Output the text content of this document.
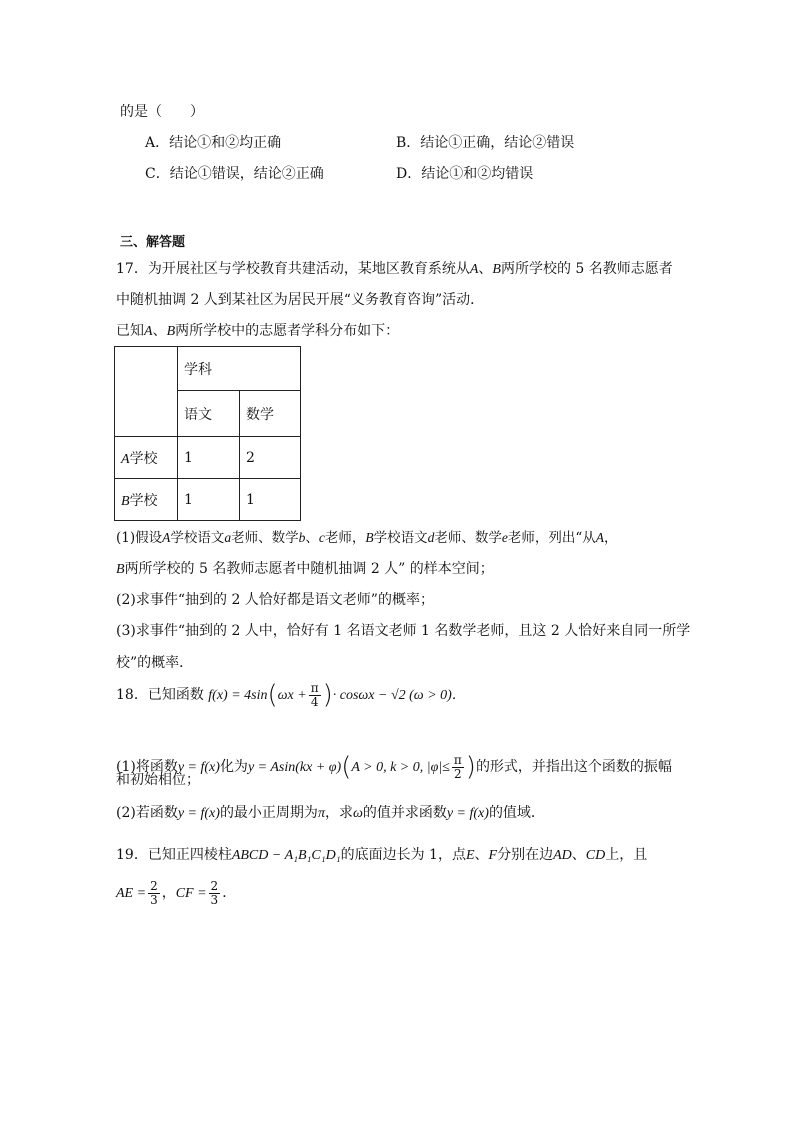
的是（　　）
A．结论①和②均正确	B．结论①正确，结论②错误
C．结论①错误，结论②正确	D．结论①和②均错误
三、解答题
17．为开展社区与学校教育共建活动，某地区教育系统从A、B两所学校的 5 名教师志愿者
中随机抽调 2 人到某社区为居民开展“义务教育咨询”活动．
已知A、B两所学校中的志愿者学科分布如下：
	学科	
	语文	数学
A学校	1	2
B学校	1	1
(1)假设A学校语文a老师、数学b、c老师，B学校语文d老师、数学e老师，列出“从A，
B两所学校的 5 名教师志愿者中随机抽调 2 人” 的样本空间；
(2)求事件“抽到的 2 人恰好都是语文老师”的概率；
(3)求事件“抽到的 2 人中，恰好有 1 名语文老师 1 名数学老师，且这 2 人恰好来自同一所学
校”的概率．
18．已知函数 $f(x) = 4\sin(\omega x + \frac{\pi}{4}$ )· cosωx − √2 (ω > 0)．
(1)将函数y = f(x)化为y = Asin(kx + φ)(A > 0, k > 0, $|\varphi|\le \frac{\pi}{2}$ )的形式，并指出这个函数的振幅
和初始相位；
(2)若函数y = f(x)的最小正周期为π，求ω的值并求函数y = f(x)的值域．
19．已知正四棱柱ABCD − A₁B₁C₁D₁的底面边长为 1，点E、F分别在边AD、CD上，且
AE = $\frac{2}{3}$ ，CF = $\frac{2}{3}$ ．
